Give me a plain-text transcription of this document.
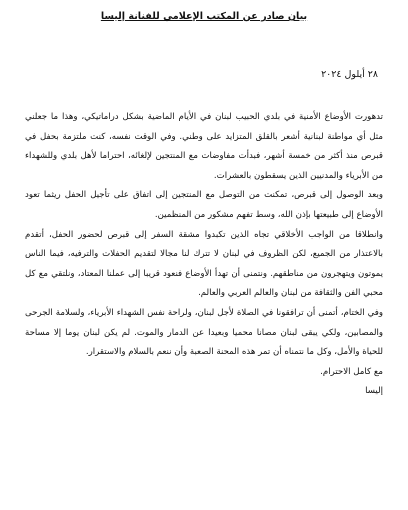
بيان صادر عن المكتب الإعلامي للفنانة إليسا
٢٨ أيلول ٢٠٢٤

تدهورت الأوضاع الأمنية في بلدي الحبيب لبنان في الأيام الماضية بشكل دراماتيكي، وهذا ما جعلني مثل أي مواطنة لبنانية أشعر بالقلق المتزايد على وطني. وفي الوقت نفسه، كنت ملتزمة بحفل في قبرص منذ أكثر من خمسة أشهر، فبدأت مفاوضات مع المنتجين لإلغائه، احتراما لأهل بلدي وللشهداء من الأبرياء والمدنيين الذين يسقطون بالعشرات.

وبعد الوصول إلى قبرص، تمكنت من التوصل مع المنتجين إلى اتفاق على تأجيل الحفل ريثما تعود الأوضاع إلى طبيعتها بإذن الله، وسط تفهم مشكور من المنظمين.

وانطلاقا من الواجب الأخلاقي تجاه الذين تكبدوا مشقة السفر إلى قبرص لحضور الحفل، أتقدم بالاعتذار من الجميع، لكن الظروف في لبنان لا تترك لنا مجالا لتقديم الحفلات والترفيه، فيما الناس يموتون ويتهجرون من مناطقهم. ونتمنى أن تهدأ الأوضاع فنعود قريبا إلى عملنا المعتاد، ونلتقي مع كل محبي الفن والثقافة من لبنان والعالم العربي والعالم.

وفي الختام، أتمنى أن ترافقونا في الصلاة لأجل لبنان، ولراحة نفس الشهداء الأبرياء، ولسلامة الجرحى والمصابين، ولكي يبقى لبنان مصانا محميا وبعيدا عن الدمار والموت. لم يكن لبنان يوما إلا مساحة للحياة والأمل، وكل ما نتمناه أن تمر هذه المحنة الصعبة وأن ننعم بالسلام والاستقرار.

مع كامل الاحترام.

إليسا
